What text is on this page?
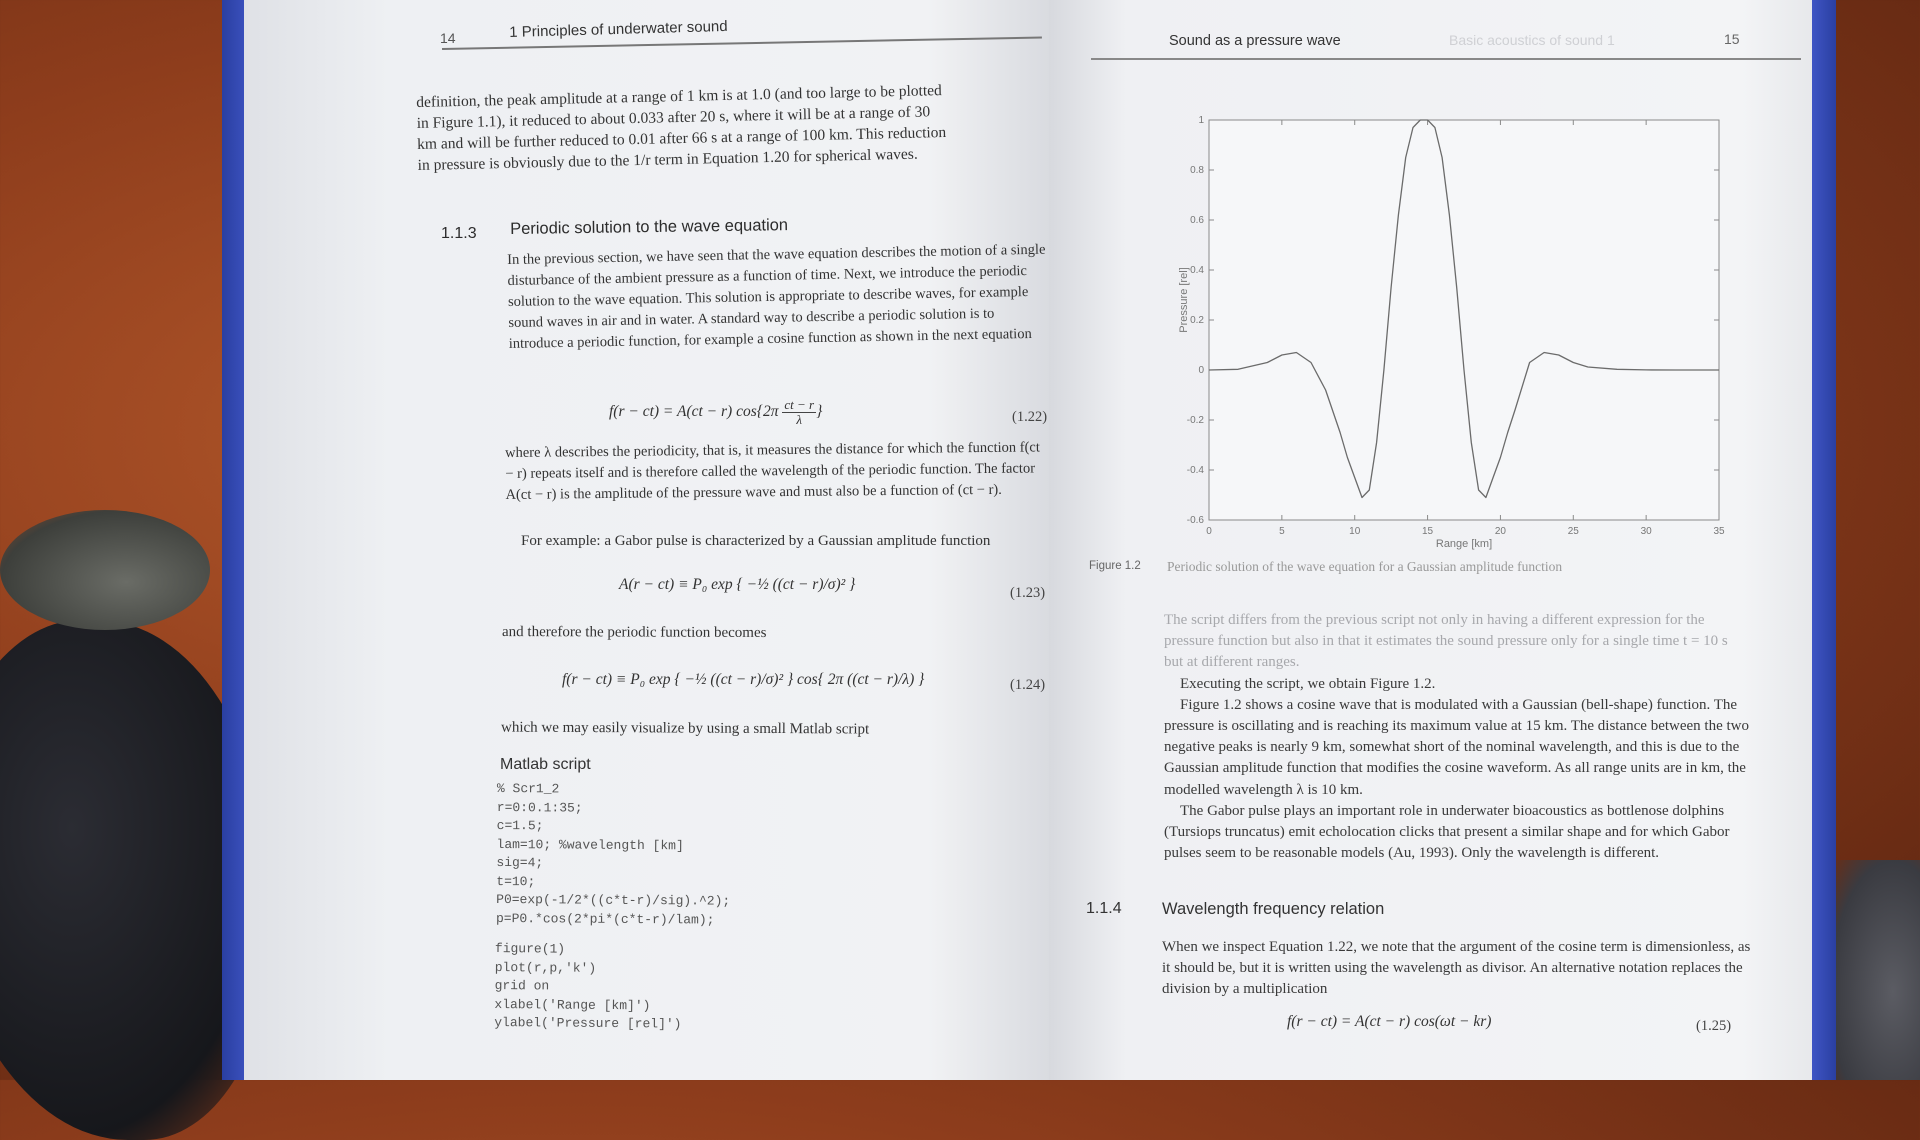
14	1 Principles of underwater sound
definition, the peak amplitude at a range of 1 km is at 1.0 (and too large to be plotted in Figure 1.1), it reduced to about 0.033 after 20 s, where it will be at a range of 30 km and will be further reduced to 0.01 after 66 s at a range of 100 km. This reduction in pressure is obviously due to the 1/r term in Equation 1.20 for spherical waves.
1.1.3 Periodic solution to the wave equation
In the previous section, we have seen that the wave equation describes the motion of a single disturbance of the ambient pressure as a function of time. Next, we introduce the periodic solution to the wave equation. This solution is appropriate to describe waves, for example sound waves in air and in water. A standard way to describe a periodic solution is to introduce a periodic function, for example a cosine function as shown in the next equation
f(r − ct) = A(ct − r) $\cos\{2\pi \frac{ct - r}{\lambda}$ }	(1.22)
where λ describes the periodicity, that is, it measures the distance for which the function f(ct − r) repeats itself and is therefore called the wavelength of the periodic function. The factor A(ct − r) is the amplitude of the pressure wave and must also be a function of (ct − r).
For example: a Gabor pulse is characterized by a Gaussian amplitude function
A(r − ct) ≡ P₀ exp { −½ ((ct − r)/σ)² }	(1.23)
and therefore the periodic function becomes
f(r − ct) ≡ P₀ exp { −½ ((ct − r)/σ)² } cos{ 2π ((ct − r)/λ) }	(1.24)
which we may easily visualize by using a small Matlab script
Matlab script
% Scr1_2
r=0:0.1:35;
c=1.5;
lam=10; %wavelength [km]
sig=4;
t=10;
P0=exp(-1/2*((c*t-r)/sig).^2);
p=P0.*cos(2*pi*(c*t-r)/lam);
figure(1)
plot(r,p,'k')
grid on
xlabel('Range [km]')
ylabel('Pressure [rel]')
Sound as a pressure wave	Basic acoustics of sound 1	15
0	5	10	15	20	25	30	35
-0.6
-0.4
-0.2
0
0.2
0.4
0.6
0.8
1
Range [km]
Pressure [rel]
Figure 1.2 Periodic solution of the wave equation for a Gaussian amplitude function
The script differs from the previous script not only in having a different expression for the pressure function but also in that it estimates the sound pressure only for a single time t = 10 s but at different ranges.
Executing the script, we obtain Figure 1.2.
Figure 1.2 shows a cosine wave that is modulated with a Gaussian (bell-shape) function. The pressure is oscillating and is reaching its maximum value at 15 km. The distance between the two negative peaks is nearly 9 km, somewhat short of the nominal wavelength, and this is due to the Gaussian amplitude function that modifies the cosine waveform. As all range units are in km, the modelled wavelength λ is 10 km.
The Gabor pulse plays an important role in underwater bioacoustics as bottlenose dolphins (Tursiops truncatus) emit echolocation clicks that present a similar shape and for which Gabor pulses seem to be reasonable models (Au, 1993). Only the wavelength is different.
1.1.4 Wavelength frequency relation
When we inspect Equation 1.22, we note that the argument of the cosine term is dimensionless, as it should be, but it is written using the wavelength as divisor. An alternative notation replaces the division by a multiplication
f(r − ct) = A(ct − r) cos(ωt − kr)	(1.25)
